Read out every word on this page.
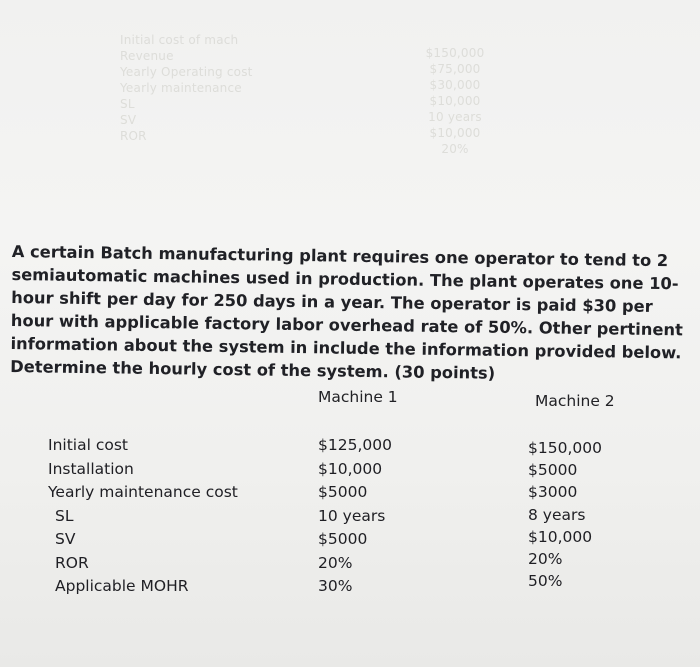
Initial cost of mach
Revenue
Yearly Operating cost
Yearly maintenance
SL
SV
ROR
$150,000
$75,000
$30,000
$10,000
10 years
$10,000
20%
A certain Batch manufacturing plant requires one operator to tend to 2 semiautomatic machines used in production. The plant operates one 10-hour shift per day for 250 days in a year. The operator is paid $30 per hour with applicable factory labor overhead rate of 50%. Other pertinent information about the system in include the information provided below. Determine the hourly cost of the system. (30 points)
Machine 1	Machine 2
Initial cost
Installation
Yearly maintenance cost
SL
SV
ROR
Applicable MOHR
$125,000
$10,000
$5000
10 years
$5000
20%
30%
$150,000
$5000
$3000
8 years
$10,000
20%
50%
